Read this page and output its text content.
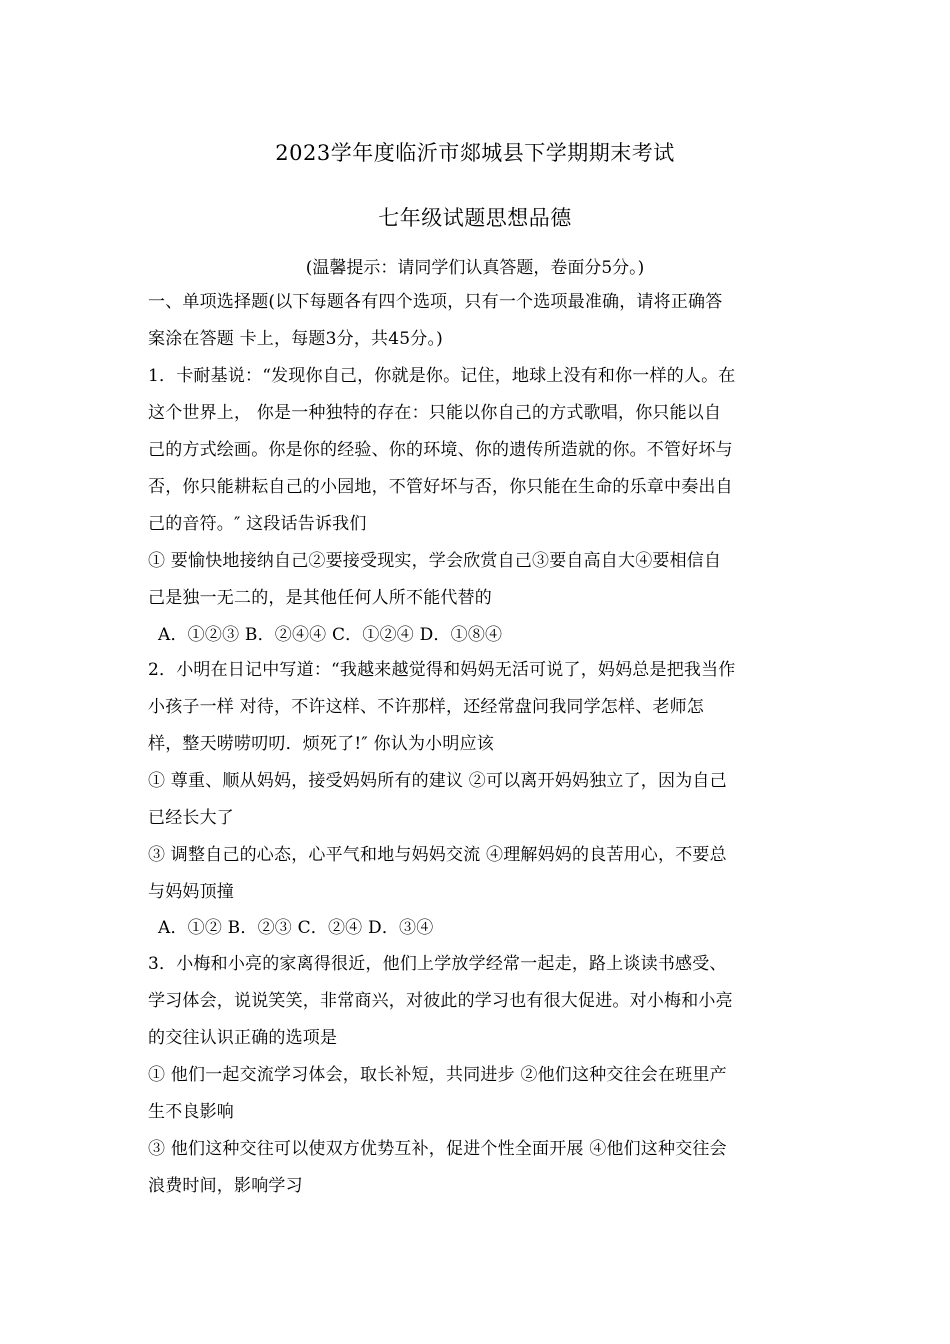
2023学年度临沂市郯城县下学期期末考试
七年级试题思想品德
(温馨提示：请同学们认真答题，卷面分5分。)
一、单项选择题(以下每题各有四个选项，只有一个选项最准确，请将正确答
案涂在答题 卡上，每题3分，共45分。)
1．卡耐基说：“发现你自己，你就是你。记住，地球上没有和你一样的人。在
这个世界上， 你是一种独特的存在：只能以你自己的方式歌唱，你只能以自
己的方式绘画。你是你的经验、你的环境、你的遗传所造就的你。不管好坏与
否，你只能耕耘自己的小园地，不管好坏与否，你只能在生命的乐章中奏出自
己的音符。″ 这段话告诉我们
① 要愉快地接纳自己②要接受现实，学会欣赏自己③要自高自大④要相信自
己是独一无二的，是其他任何人所不能代替的
A．①②③ B．②④④ C．①②④ D．①⑧④
2．小明在日记中写道：“我越来越觉得和妈妈无活可说了，妈妈总是把我当作
小孩子一样 对待，不许这样、不许那样，还经常盘问我同学怎样、老师怎
样，整天唠唠叨叨．烦死了!″ 你认为小明应该
① 尊重、顺从妈妈，接受妈妈所有的建议 ②可以离开妈妈独立了，因为自己
已经长大了
③ 调整自己的心态，心平气和地与妈妈交流 ④理解妈妈的良苦用心，不要总
与妈妈顶撞
A．①② B．②③ C．②④ D．③④
3．小梅和小亮的家离得很近，他们上学放学经常一起走，路上谈读书感受、
学习体会，说说笑笑，非常商兴，对彼此的学习也有很大促进。对小梅和小亮
的交往认识正确的选项是
① 他们一起交流学习体会，取长补短，共同进步 ②他们这种交往会在班里产
生不良影响
③ 他们这种交往可以使双方优势互补，促进个性全面开展 ④他们这种交往会
浪费时间，影响学习
